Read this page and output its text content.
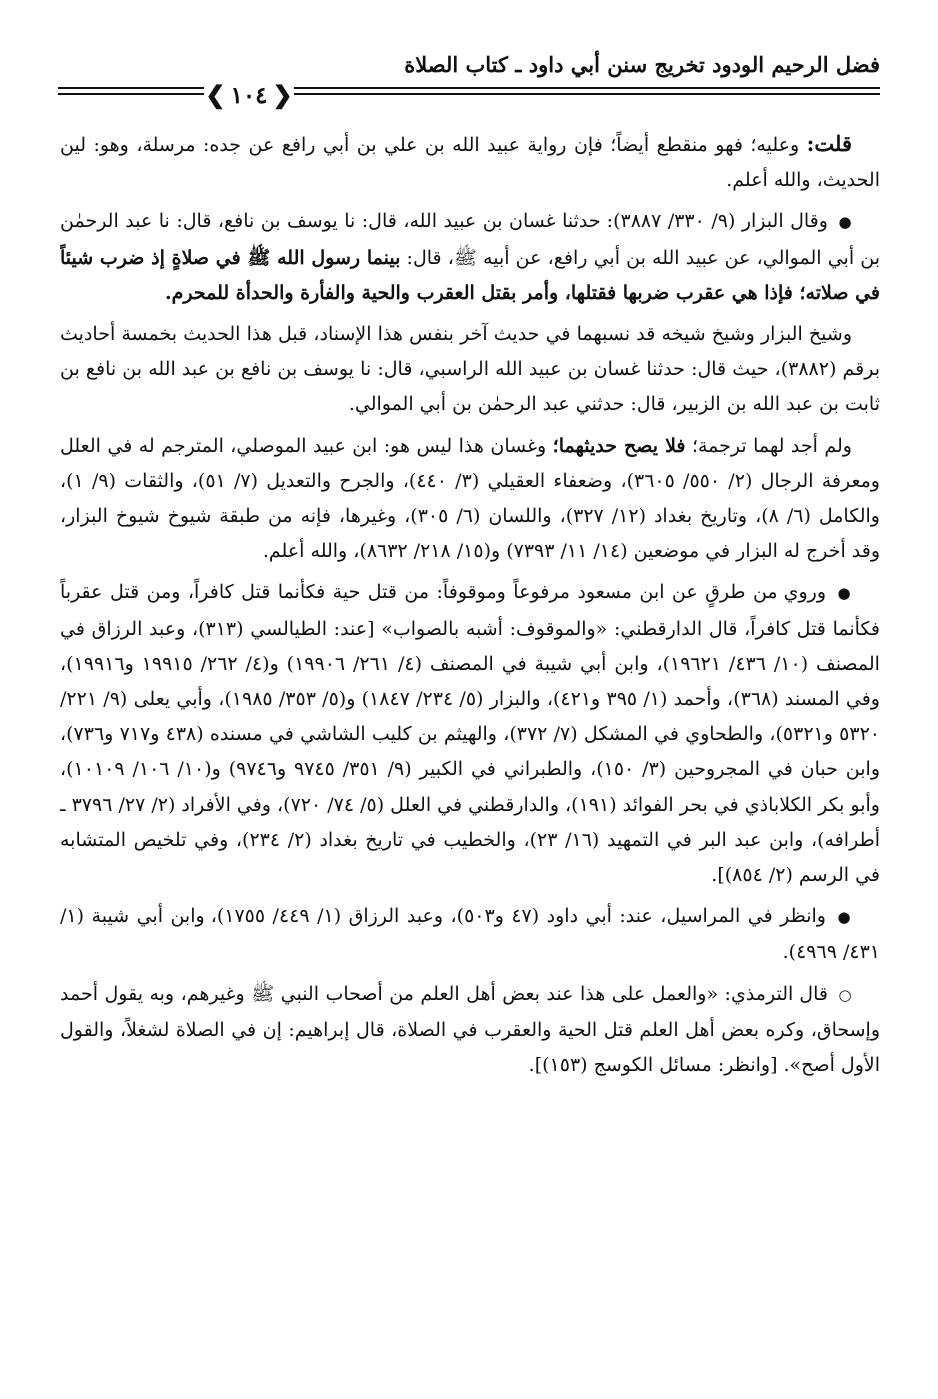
فضل الرحيم الودود تخريج سنن أبي داود ـ كتاب الصلاة
❮
١٠٤
❯

قلت: وعليه؛ فهو منقطع أيضاً؛ فإن رواية عبيد الله بن علي بن أبي رافع عن جده: مرسلة، وهو: لين الحديث، والله أعلم.

● وقال البزار (٩/ ٣٣٠/ ٣٨٨٧): حدثنا غسان بن عبيد الله، قال: نا يوسف بن نافع، قال: نا عبد الرحمٰن بن أبي الموالي، عن عبيد الله بن أبي رافع، عن أبيه ﷺ، قال: بينما رسول الله ﷺ في صلاةٍ إذ ضرب شيئاً في صلاته؛ فإذا هي عقرب ضربها فقتلها، وأمر بقتل العقرب والحية والفأرة والحدأة للمحرم.

وشيخ البزار وشيخ شيخه قد نسبهما في حديث آخر بنفس هذا الإسناد، قبل هذا الحديث بخمسة أحاديث برقم (٣٨٨٢)، حيث قال: حدثنا غسان بن عبيد الله الراسبي، قال: نا يوسف بن نافع بن عبد الله بن نافع بن ثابت بن عبد الله بن الزبير، قال: حدثني عبد الرحمٰن بن أبي الموالي.

ولم أجد لهما ترجمة؛ فلا يصح حديثهما؛ وغسان هذا ليس هو: ابن عبيد الموصلي، المترجم له في العلل ومعرفة الرجال (٢/ ٥٥٠/ ٣٦٠٥)، وضعفاء العقيلي (٣/ ٤٤٠)، والجرح والتعديل (٧/ ٥١)، والثقات (٩/ ١)، والكامل (٦/ ٨)، وتاريخ بغداد (١٢/ ٣٢٧)، واللسان (٦/ ٣٠٥)، وغيرها، فإنه من طبقة شيوخ شيوخ البزار، وقد أخرج له البزار في موضعين (١٤/ ١١/ ٧٣٩٣) و(١٥/ ٢١٨/ ٨٦٣٢)، والله أعلم.

● وروي من طرقٍ عن ابن مسعود مرفوعاً وموقوفاً: من قتل حية فكأنما قتل كافراً، ومن قتل عقرباً فكأنما قتل كافراً، قال الدارقطني: «والموقوف: أشبه بالصواب» [عند: الطيالسي (٣١٣)، وعبد الرزاق في المصنف (١٠/ ٤٣٦/ ١٩٦٢١)، وابن أبي شيبة في المصنف (٤/ ٢٦١/ ١٩٩٠٦) و(٤/ ٢٦٢/ ١٩٩١٥ و١٩٩١٦)، وفي المسند (٣٦٨)، وأحمد (١/ ٣٩٥ و٤٢١)، والبزار (٥/ ٢٣٤/ ١٨٤٧) و(٥/ ٣٥٣/ ١٩٨٥)، وأبي يعلى (٩/ ٢٢١/ ٥٣٢٠ و٥٣٢١)، والطحاوي في المشكل (٧/ ٣٧٢)، والهيثم بن كليب الشاشي في مسنده (٤٣٨ و٧١٧ و٧٣٦)، وابن حبان في المجروحين (٣/ ١٥٠)، والطبراني في الكبير (٩/ ٣٥١/ ٩٧٤٥ و٩٧٤٦) و(١٠/ ١٠٦/ ١٠١٠٩)، وأبو بكر الكلاباذي في بحر الفوائد (١٩١)، والدارقطني في العلل (٥/ ٧٤/ ٧٢٠)، وفي الأفراد (٢/ ٢٧/ ٣٧٩٦ ـ أطرافه)، وابن عبد البر في التمهيد (١٦/ ٢٣)، والخطيب في تاريخ بغداد (٢/ ٢٣٤)، وفي تلخيص المتشابه في الرسم (٢/ ٨٥٤)].

● وانظر في المراسيل، عند: أبي داود (٤٧ و٥٠٣)، وعبد الرزاق (١/ ٤٤٩/ ١٧٥٥)، وابن أبي شيبة (١/ ٤٣١/ ٤٩٦٩).

○ قال الترمذي: «والعمل على هذا عند بعض أهل العلم من أصحاب النبي ﷺ وغيرهم، وبه يقول أحمد وإسحاق، وكره بعض أهل العلم قتل الحية والعقرب في الصلاة، قال إبراهيم: إن في الصلاة لشغلاً، والقول الأول أصح». [وانظر: مسائل الكوسج (١٥٣)].
